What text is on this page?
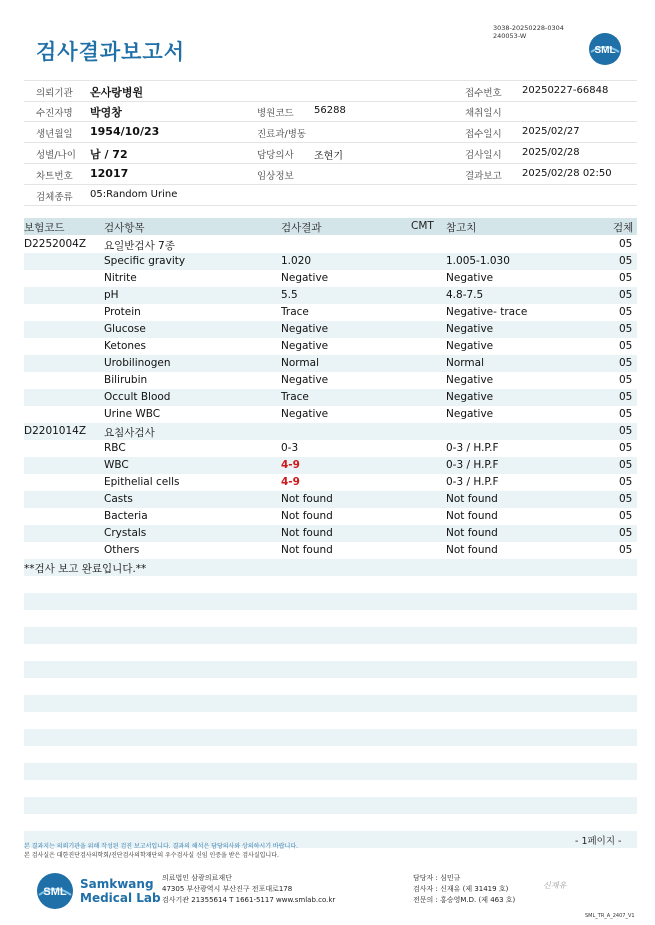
검사결과보고서
3038-20250228-0304
240053-W
SML
의뢰기관 온사랑병원	접수번호 20250227-66848
수진자명 박영창	병원코드 56288	채취일시
생년월일 1954/10/23	진료과/병동	접수일시 2025/02/27
성별/나이 남 / 72	담당의사 조현기	검사일시 2025/02/28
차트번호 12017	임상정보	결과보고 2025/02/28 02:50
검체종류 05:Random Urine
보험코드	검사항목	검사결과	CMT 참고치	검체
D2252004Z 요일반검사 7종	05
Specific gravity	1.020	1.005-1.030	05
Nitrite	Negative	Negative	05
pH	5.5	4.8-7.5	05
Protein	Trace	Negative- trace	05
Glucose	Negative	Negative	05
Ketones	Negative	Negative	05
Urobilinogen	Normal	Normal	05
Bilirubin	Negative	Negative	05
Occult Blood	Trace	Negative	05
Urine WBC	Negative	Negative	05
D2201014Z 요침사검사	05
RBC	0-3	0-3 / H.P.F	05
WBC	4-9	0-3 / H.P.F	05
Epithelial cells	4-9	0-3 / H.P.F	05
Casts	Not found	Not found	05
Bacteria	Not found	Not found	05
Crystals	Not found	Not found	05
Others	Not found	Not found	05
**검사 보고 완료입니다.**
- 1페이지 -
본 결과지는 의뢰기관을 위해 작성된 검진 보고서입니다. 결과의 해석은 담당의사와 상의하시기 바랍니다.
본 검사실은 대한진단검사의학회/진단검사의학재단의 우수검사실 신임 인증을 받은 검사실입니다.
SML
Samkwang
Medical Lab
의료법인 삼광의료재단
47305 부산광역시 부산진구 전포대로178
검사기관 21355614 T 1661-5117 www.smlab.co.kr
담당자 : 심민규
검사자 : 신재유 (제 31419 호)
전문의 : 홍승영M.D. (제 463 호)
신재유
SML_TR_A_2407_V1
